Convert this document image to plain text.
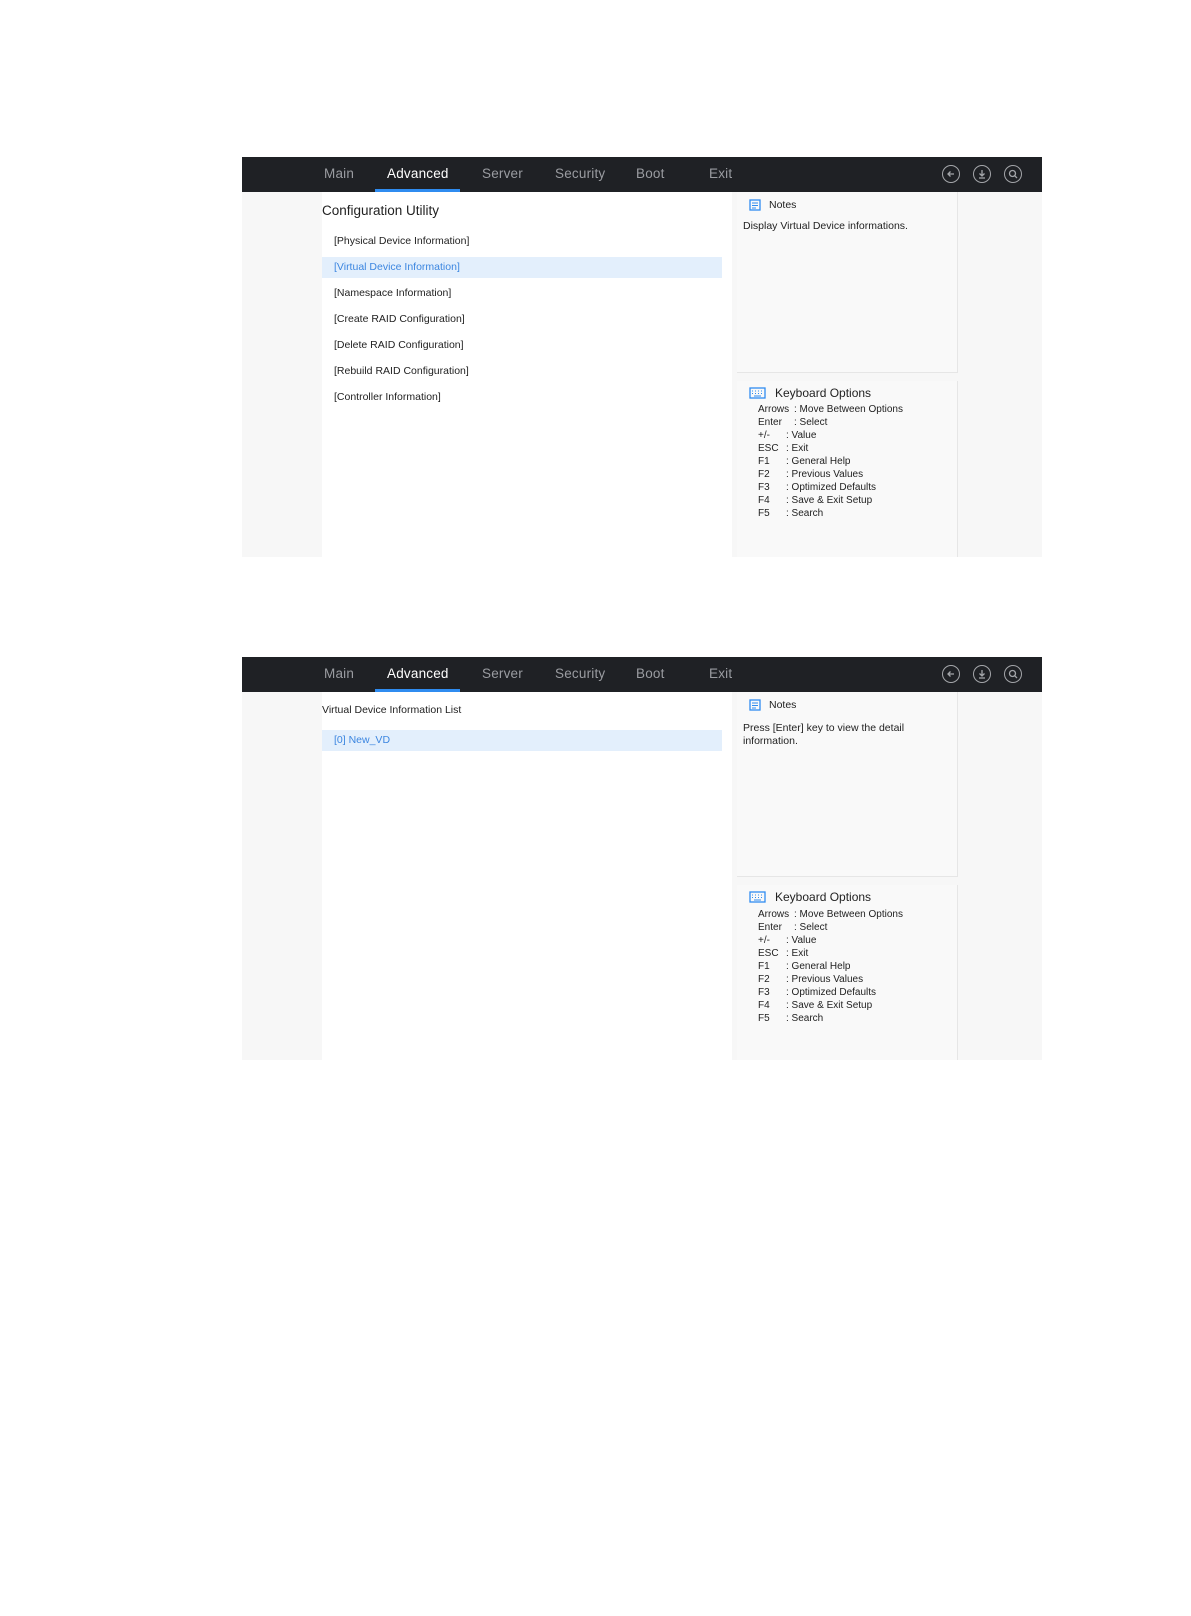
Main Advanced Server Security Boot	Exit
Configuration Utility
[Physical Device Information]
[Virtual Device Information]
[Namespace Information]
[Create RAID Configuration]
[Delete RAID Configuration]
[Rebuild RAID Configuration]
[Controller Information]
Notes
Display Virtual Device informations.
Keyboard Options
Arrows : Move Between Options
Enter : Select
+/- : Value
ESC : Exit
F1 : General Help
F2 : Previous Values
F3 : Optimized Defaults
F4 : Save & Exit Setup
F5 : Search
Main Advanced Server Security Boot	Exit
Virtual Device Information List
[0] New_VD
Notes
Press [Enter] key to view the detail information.
Keyboard Options
Arrows : Move Between Options
Enter : Select
+/- : Value
ESC : Exit
F1 : General Help
F2 : Previous Values
F3 : Optimized Defaults
F4 : Save & Exit Setup
F5 : Search
